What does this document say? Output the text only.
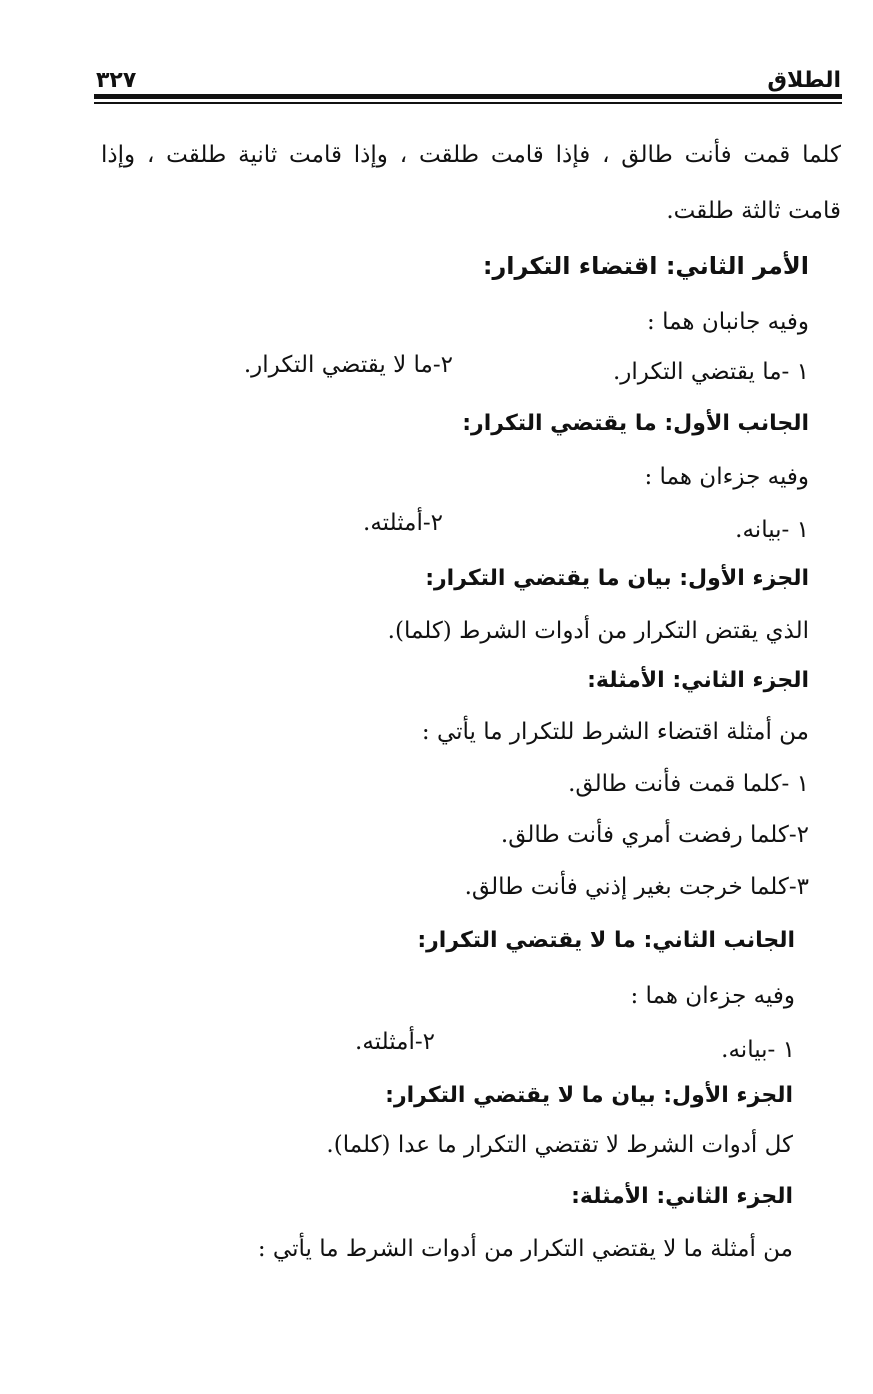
الطلاق
٣٢٧
كلما قمت فأنت طالق ، فإذا قامت طلقت ، وإذا قامت ثانية طلقت ، وإذا
قامت ثالثة طلقت.
الأمر الثاني: اقتضاء التكرار:
وفيه جانبان هما :
١ -ما يقتضي التكرار.
٢-ما لا يقتضي التكرار.
الجانب الأول: ما يقتضي التكرار:
وفيه جزءان هما :
١ -بيانه.
٢-أمثلته.
الجزء الأول: بيان ما يقتضي التكرار:
الذي يقتض التكرار من أدوات الشرط (كلما).
الجزء الثاني: الأمثلة:
من أمثلة اقتضاء الشرط للتكرار ما يأتي :
١ -كلما قمت فأنت طالق.
٢-كلما رفضت أمري فأنت طالق.
٣-كلما خرجت بغير إذني فأنت طالق.
الجانب الثاني: ما لا يقتضي التكرار:
وفيه جزءان هما :
١ -بيانه.
٢-أمثلته.
الجزء الأول: بيان ما لا يقتضي التكرار:
كل أدوات الشرط لا تقتضي التكرار ما عدا (كلما).
الجزء الثاني: الأمثلة:
من أمثلة ما لا يقتضي التكرار من أدوات الشرط ما يأتي :
